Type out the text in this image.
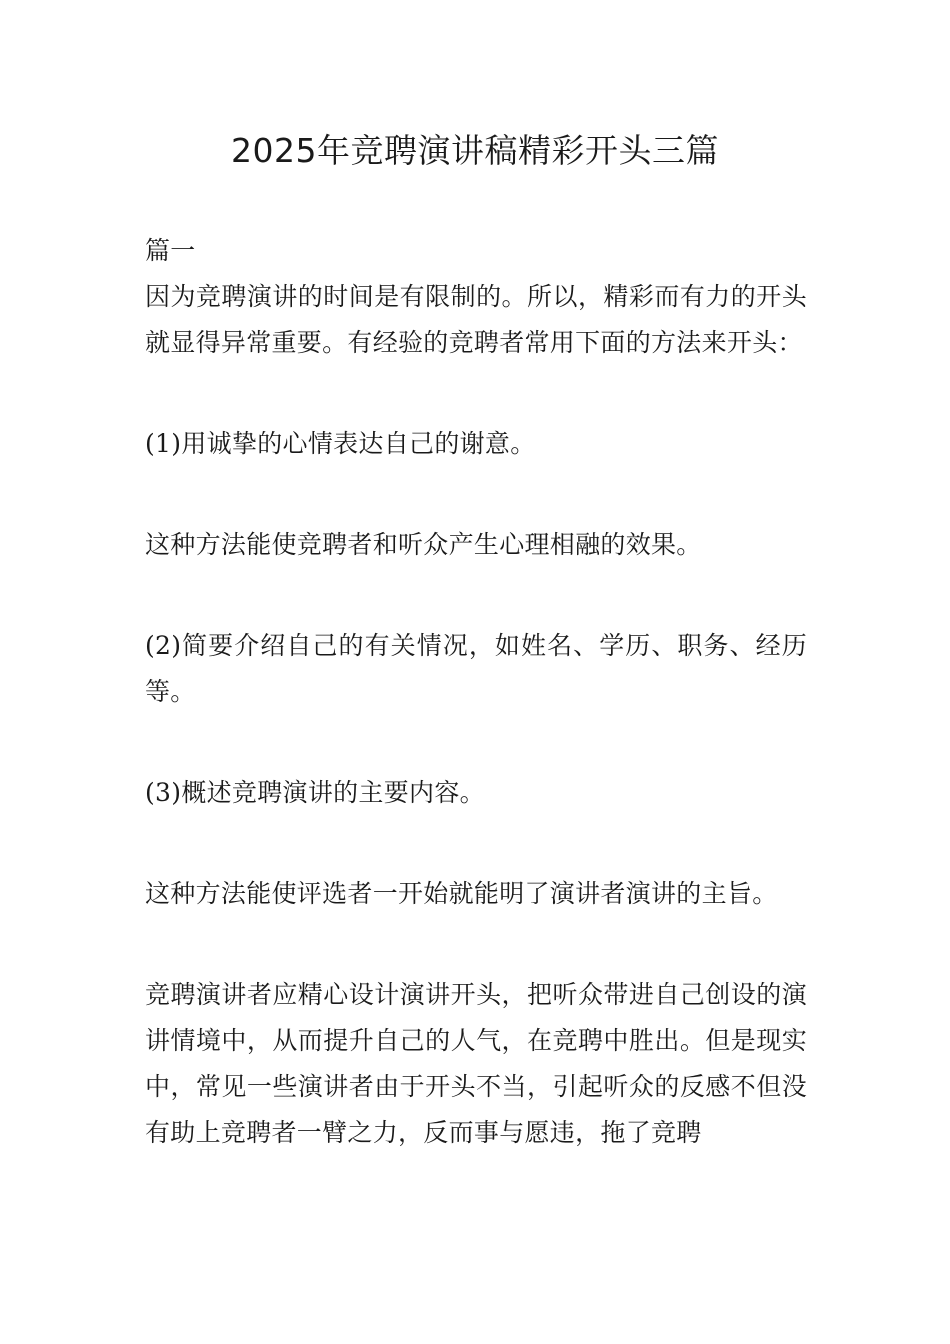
2025年竞聘演讲稿精彩开头三篇

篇一

因为竞聘演讲的时间是有限制的。所以，精彩而有力的开头就显得异常重要。有经验的竞聘者常用下面的方法来开头：

(1)用诚挚的心情表达自己的谢意。

这种方法能使竞聘者和听众产生心理相融的效果。

(2)简要介绍自己的有关情况，如姓名、学历、职务、经历等。

(3)概述竞聘演讲的主要内容。

这种方法能使评选者一开始就能明了演讲者演讲的主旨。

竞聘演讲者应精心设计演讲开头，把听众带进自己创设的演讲情境中，从而提升自己的人气，在竞聘中胜出。但是现实中，常见一些演讲者由于开头不当，引起听众的反感不但没有助上竞聘者一臂之力，反而事与愿违，拖了竞聘
